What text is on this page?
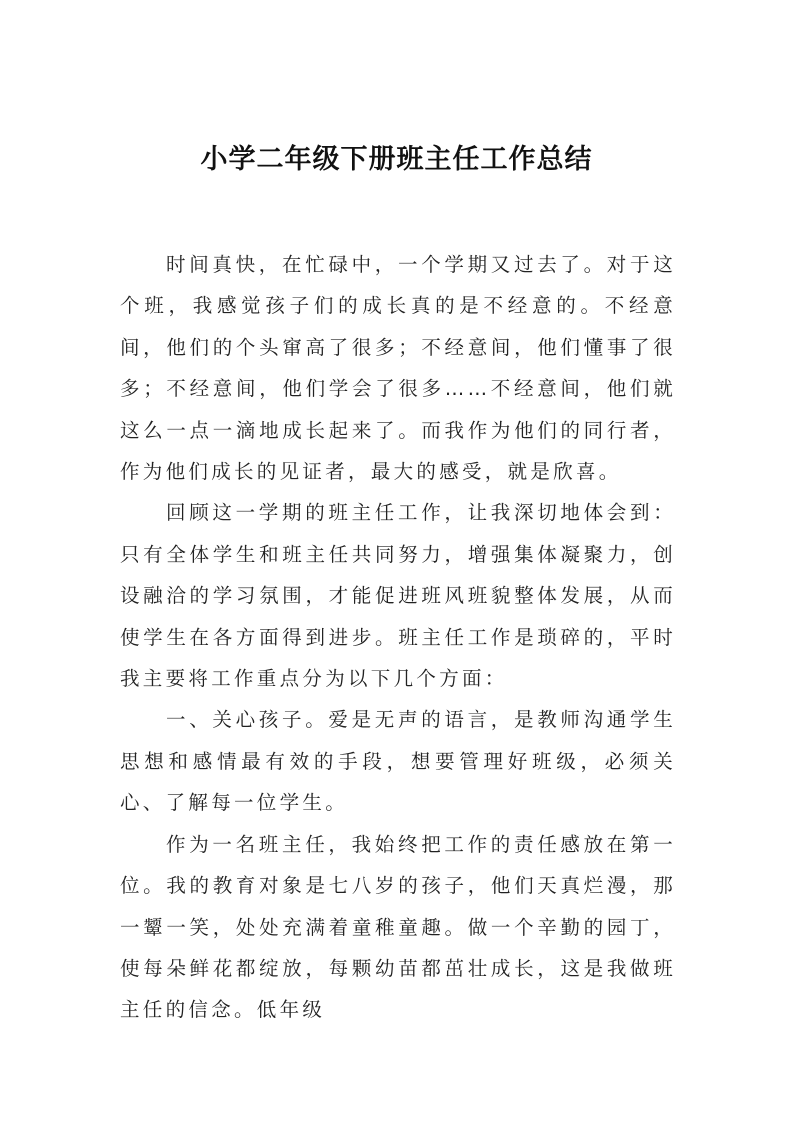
小学二年级下册班主任工作总结

时间真快，在忙碌中，一个学期又过去了。对于这个班，我感觉孩子们的成长真的是不经意的。不经意间，他们的个头窜高了很多；不经意间，他们懂事了很多；不经意间，他们学会了很多……不经意间，他们就这么一点一滴地成长起来了。而我作为他们的同行者，作为他们成长的见证者，最大的感受，就是欣喜。

回顾这一学期的班主任工作，让我深切地体会到：只有全体学生和班主任共同努力，增强集体凝聚力，创设融洽的学习氛围，才能促进班风班貌整体发展，从而使学生在各方面得到进步。班主任工作是琐碎的，平时我主要将工作重点分为以下几个方面：

一、关心孩子。爱是无声的语言，是教师沟通学生思想和感情最有效的手段，想要管理好班级，必须关心、了解每一位学生。

作为一名班主任，我始终把工作的责任感放在第一位。我的教育对象是七八岁的孩子，他们天真烂漫，那一颦一笑，处处充满着童稚童趣。做一个辛勤的园丁，使每朵鲜花都绽放，每颗幼苗都茁壮成长，这是我做班主任的信念。低年级
